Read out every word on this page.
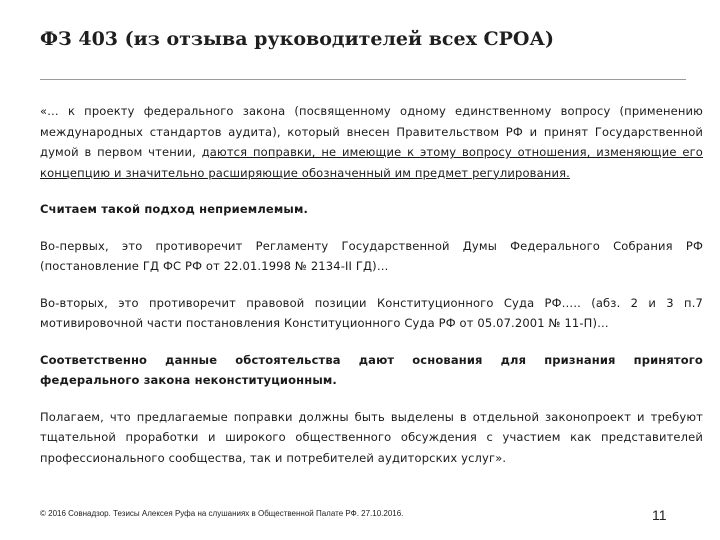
ФЗ 403 (из отзыва руководителей всех СРОА)

«… к проекту федерального закона (посвященному одному единственному вопросу (применению международных стандартов аудита), который внесен Правительством РФ и принят Государственной думой в первом чтении, даются поправки, не имеющие к этому вопросу отношения, изменяющие его концепцию и значительно расширяющие обозначенный им предмет регулирования.

Считаем такой подход неприемлемым.

Во-первых, это противоречит Регламенту Государственной Думы Федерального Собрания РФ (постановление ГД ФС РФ от 22.01.1998 № 2134-II ГД)…

Во-вторых, это противоречит правовой позиции Конституционного Суда РФ….. (абз. 2 и 3 п.7 мотивировочной части постановления Конституционного Суда РФ от 05.07.2001 № 11-П)…

Соответственно данные обстоятельства дают основания для признания принятого федерального закона неконституционным.

Полагаем, что предлагаемые поправки должны быть выделены в отдельной законопроект и требуют тщательной проработки и широкого общественного обсуждения с участием как представителей профессионального сообщества, так и потребителей аудиторских услуг».

© 2016 Совнадзор. Тезисы Алексея Руфа на слушаниях в Общественной Палате РФ. 27.10.2016.	11
